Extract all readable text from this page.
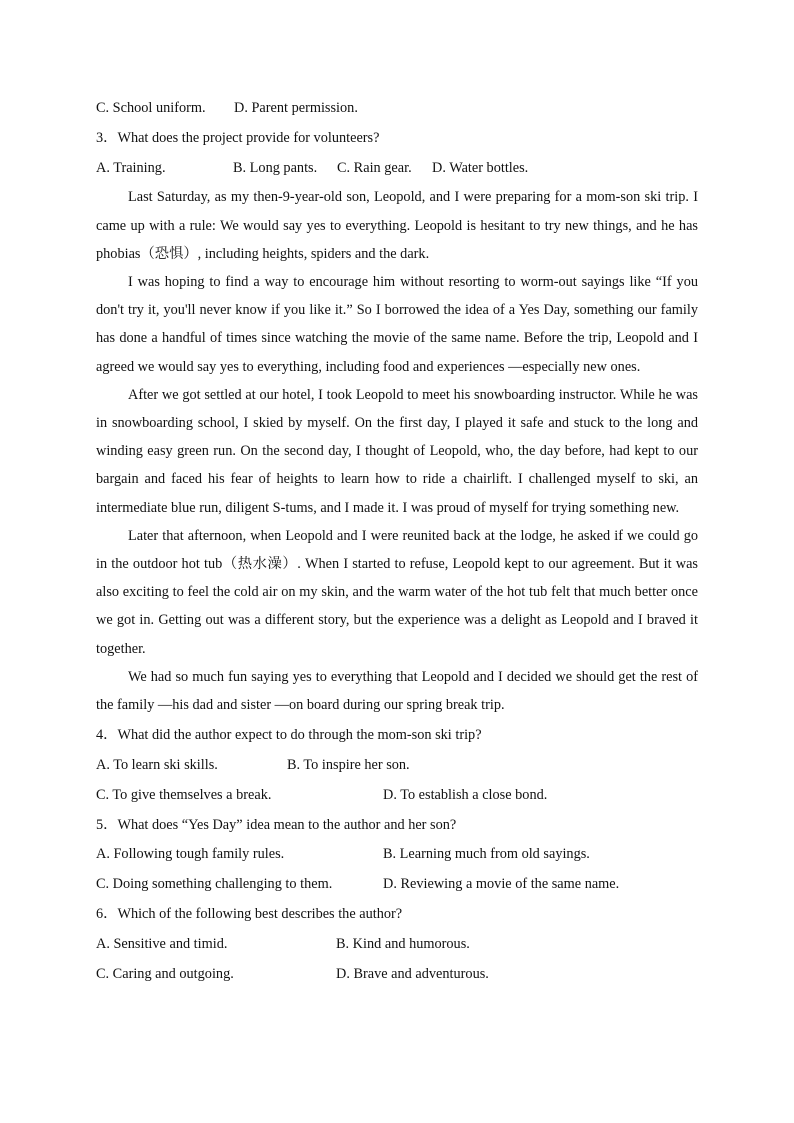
C. School uniform.	D. Parent permission.
3．What does the project provide for volunteers?
A. Training.	B. Long pants.	C. Rain gear.	D. Water bottles.

Last Saturday, as my then-9-year-old son, Leopold, and I were preparing for a mom-son ski trip. I came up with a rule: We would say yes to everything. Leopold is hesitant to try new things, and he has phobias（恐惧）, including heights, spiders and the dark.

I was hoping to find a way to encourage him without resorting to worm-out sayings like “If you don't try it, you'll never know if you like it.” So I borrowed the idea of a Yes Day, something our family has done a handful of times since watching the movie of the same name. Before the trip, Leopold and I agreed we would say yes to everything, including food and experiences —especially new ones.

After we got settled at our hotel, I took Leopold to meet his snowboarding instructor. While he was in snowboarding school, I skied by myself. On the first day, I played it safe and stuck to the long and winding easy green run. On the second day, I thought of Leopold, who, the day before, had kept to our bargain and faced his fear of heights to learn how to ride a chairlift. I challenged myself to ski, an intermediate blue run, diligent S-tums, and I made it. I was proud of myself for trying something new.

Later that afternoon, when Leopold and I were reunited back at the lodge, he asked if we could go in the outdoor hot tub（热水澡）. When I started to refuse, Leopold kept to our agreement. But it was also exciting to feel the cold air on my skin, and the warm water of the hot tub felt that much better once we got in. Getting out was a different story, but the experience was a delight as Leopold and I braved it together.

We had so much fun saying yes to everything that Leopold and I decided we should get the rest of the family —his dad and sister —on board during our spring break trip.

4．What did the author expect to do through the mom-son ski trip?
A. To learn ski skills.	B. To inspire her son.
C. To give themselves a break.	D. To establish a close bond.
5．What does “Yes Day” idea mean to the author and her son?
A. Following tough family rules.	B. Learning much from old sayings.
C. Doing something challenging to them.	D. Reviewing a movie of the same name.
6．Which of the following best describes the author?
A. Sensitive and timid.	B. Kind and humorous.
C. Caring and outgoing.	D. Brave and adventurous.
